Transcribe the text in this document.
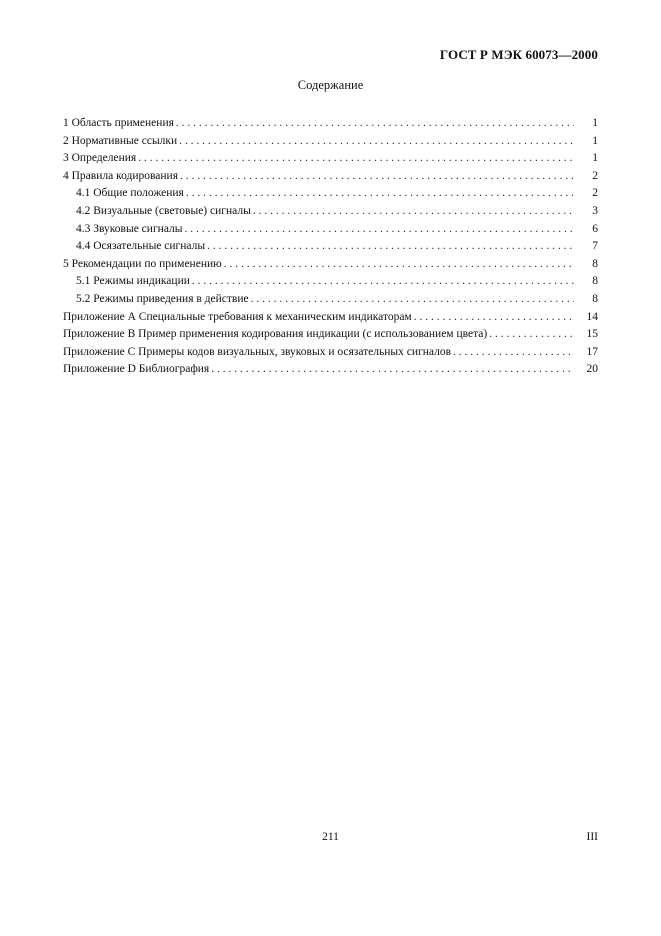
ГОСТ Р МЭК 60073—2000
Содержание
1 Область применения . . .	1
2 Нормативные ссылки . . .	1
3 Определения . . .	1
4 Правила кодирования . . .	2
4.1 Общие положения . . .	2
4.2 Визуальные (световые) сигналы . . .	3
4.3 Звуковые сигналы . . .	6
4.4 Осязательные сигналы . . .	7
5 Рекомендации по применению . . .	8
5.1 Режимы индикации . . .	8
5.2 Режимы приведения в действие . . .	8
Приложение А Специальные требования к механическим индикаторам . . .	14
Приложение В Пример применения кодирования индикации (с использованием цвета) . . .	15
Приложение С Примеры кодов визуальных, звуковых и осязательных сигналов . . .	17
Приложение D Библиография . . .	20
211	III
